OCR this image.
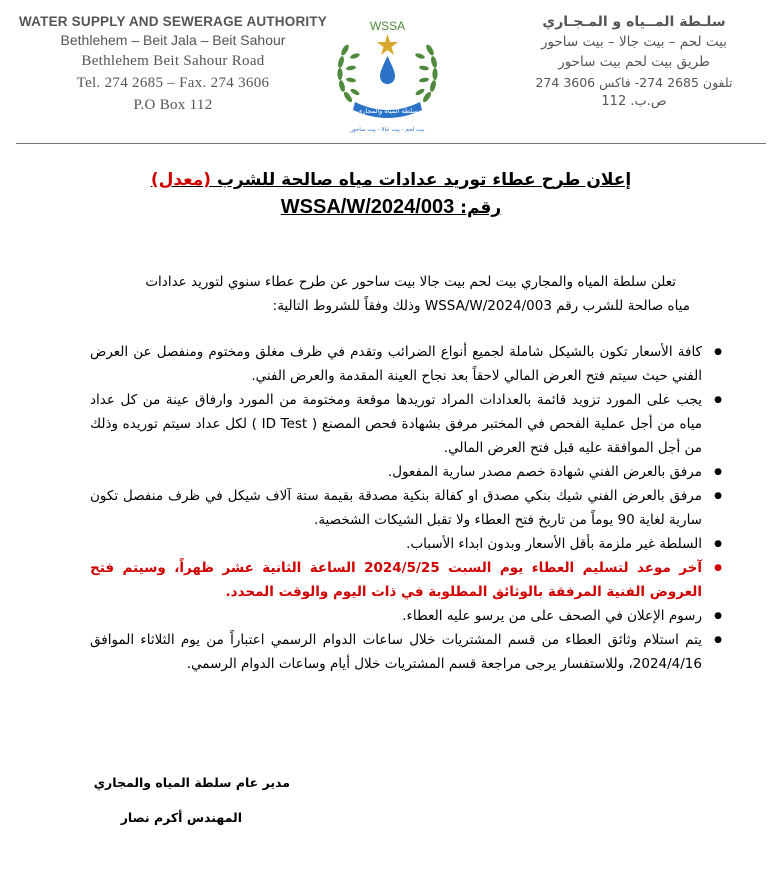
WATER SUPPLY AND SEWERAGE AUTHORITY
Bethlehem – Beit Jala – Beit Sahour
Bethlehem Beit Sahour Road
Tel. 274 2685 – Fax. 274 3606
P.O Box 112
WSSA
سلطة المياه والمجاري
بيت لحم - بيت جالا - بيت ساحور
سلـطة المــياه و المـجـاري
بيت لحم – بيت جالا – بيت ساحور
طريق بيت لحم بيت ساحور
تلفون 2685 274- فاكس 3606 274
ص.ب. 112
إعلان طرح عطاء توريد عدادات مياه صالحة للشرب (معدل)
رقم: WSSA/W/2024/003
تعلن سلطة المياه والمجاري بيت لحم بيت جالا بيت ساحور عن طرح عطاء سنوي لتوريد عدادات
مياه صالحة للشرب رقم WSSA/W/2024/003 وذلك وفقاً للشروط التالية:
● كافة الأسعار تكون بالشيكل شاملة لجميع أنواع الضرائب وتقدم في ظرف مغلق ومختوم ومنفصل عن العرض الفني حيث سيتم فتح العرض المالي لاحقاً بعد نجاح العينة المقدمة والعرض الفني.
● يجب على المورد تزويد قائمة بالعدادات المراد توريدها موقعة ومختومة من المورد وارفاق عينة من كل عداد مياه من أجل عملية الفحص في المختبر مرفق بشهادة فحص المصنع ( ID Test ) لكل عداد سيتم توريده وذلك من أجل الموافقة عليه قبل فتح العرض المالي.
● مرفق بالعرض الفني شهادة خصم مصدر سارية المفعول.
● مرفق بالعرض الفني شيك بنكي مصدق او كفالة بنكية مصدقة بقيمة ستة آلاف شيكل في ظرف منفصل تكون سارية لغاية 90 يوماً من تاريخ فتح العطاء ولا تقبل الشيكات الشخصية.
● السلطة غير ملزمة بأقل الأسعار وبدون ابداء الأسباب.
● آخر موعد لتسليم العطاء يوم السبت 2024/5/25 الساعة الثانية عشر ظهراً، وسيتم فتح العروض الفنية المرفقة بالوثائق المطلوبة في ذات اليوم والوقت المحدد.
● رسوم الإعلان في الصحف على من يرسو عليه العطاء.
● يتم استلام وثائق العطاء من قسم المشتريات خلال ساعات الدوام الرسمي اعتباراً من يوم الثلاثاء الموافق 2024/4/16، وللاستفسار يرجى مراجعة قسم المشتريات خلال أيام وساعات الدوام الرسمي.
مدير عام سلطة المياه والمجاري
المهندس أكرم نصار
